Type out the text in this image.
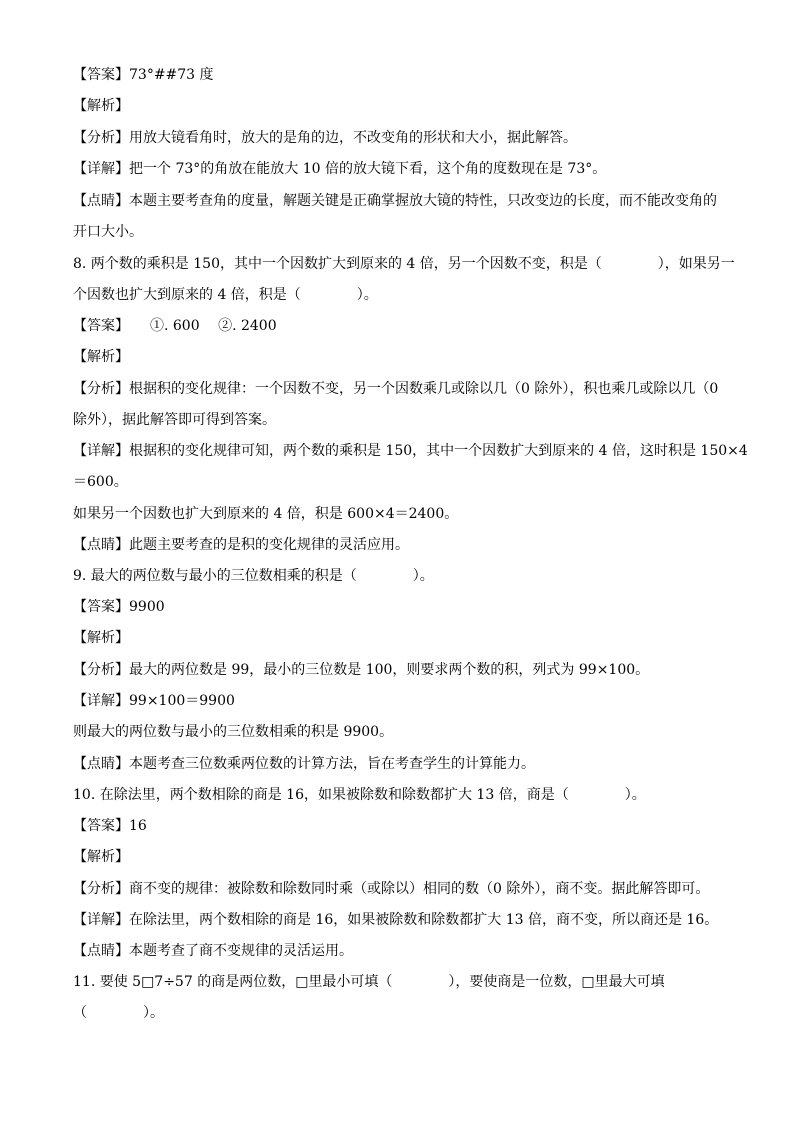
【答案】73°##73 度
【解析】
【分析】用放大镜看角时，放大的是角的边，不改变角的形状和大小，据此解答。
【详解】把一个 73°的角放在能放大 10 倍的放大镜下看，这个角的度数现在是 73°。
【点睛】本题主要考查角的度量，解题关键是正确掌握放大镜的特性，只改变边的长度，而不能改变角的
开口大小。
8. 两个数的乘积是 150，其中一个因数扩大到原来的 4 倍，另一个因数不变，积是（　　　　），如果另一
个因数也扩大到原来的 4 倍，积是（　　　　）。
【答案】　　①. 600　 ②. 2400
【解析】
【分析】根据积的变化规律：一个因数不变，另一个因数乘几或除以几（0 除外），积也乘几或除以几（0
除外），据此解答即可得到答案。
【详解】根据积的变化规律可知，两个数的乘积是 150，其中一个因数扩大到原来的 4 倍，这时积是 150×4
＝600。
如果另一个因数也扩大到原来的 4 倍，积是 600×4＝2400。
【点睛】此题主要考查的是积的变化规律的灵活应用。
9. 最大的两位数与最小的三位数相乘的积是（　　　　）。
【答案】9900
【解析】
【分析】最大的两位数是 99，最小的三位数是 100，则要求两个数的积，列式为 99×100。
【详解】99×100＝9900
则最大的两位数与最小的三位数相乘的积是 9900。
【点睛】本题考查三位数乘两位数的计算方法，旨在考查学生的计算能力。
10. 在除法里，两个数相除的商是 16，如果被除数和除数都扩大 13 倍，商是（　　　　）。
【答案】16
【解析】
【分析】商不变的规律：被除数和除数同时乘（或除以）相同的数（0 除外），商不变。据此解答即可。
【详解】在除法里，两个数相除的商是 16，如果被除数和除数都扩大 13 倍，商不变，所以商还是 16。
【点睛】本题考查了商不变规律的灵活运用。
11. 要使 5□7÷57 的商是两位数，□里最小可填（　　　　），要使商是一位数，□里最大可填
（　　　　）。
